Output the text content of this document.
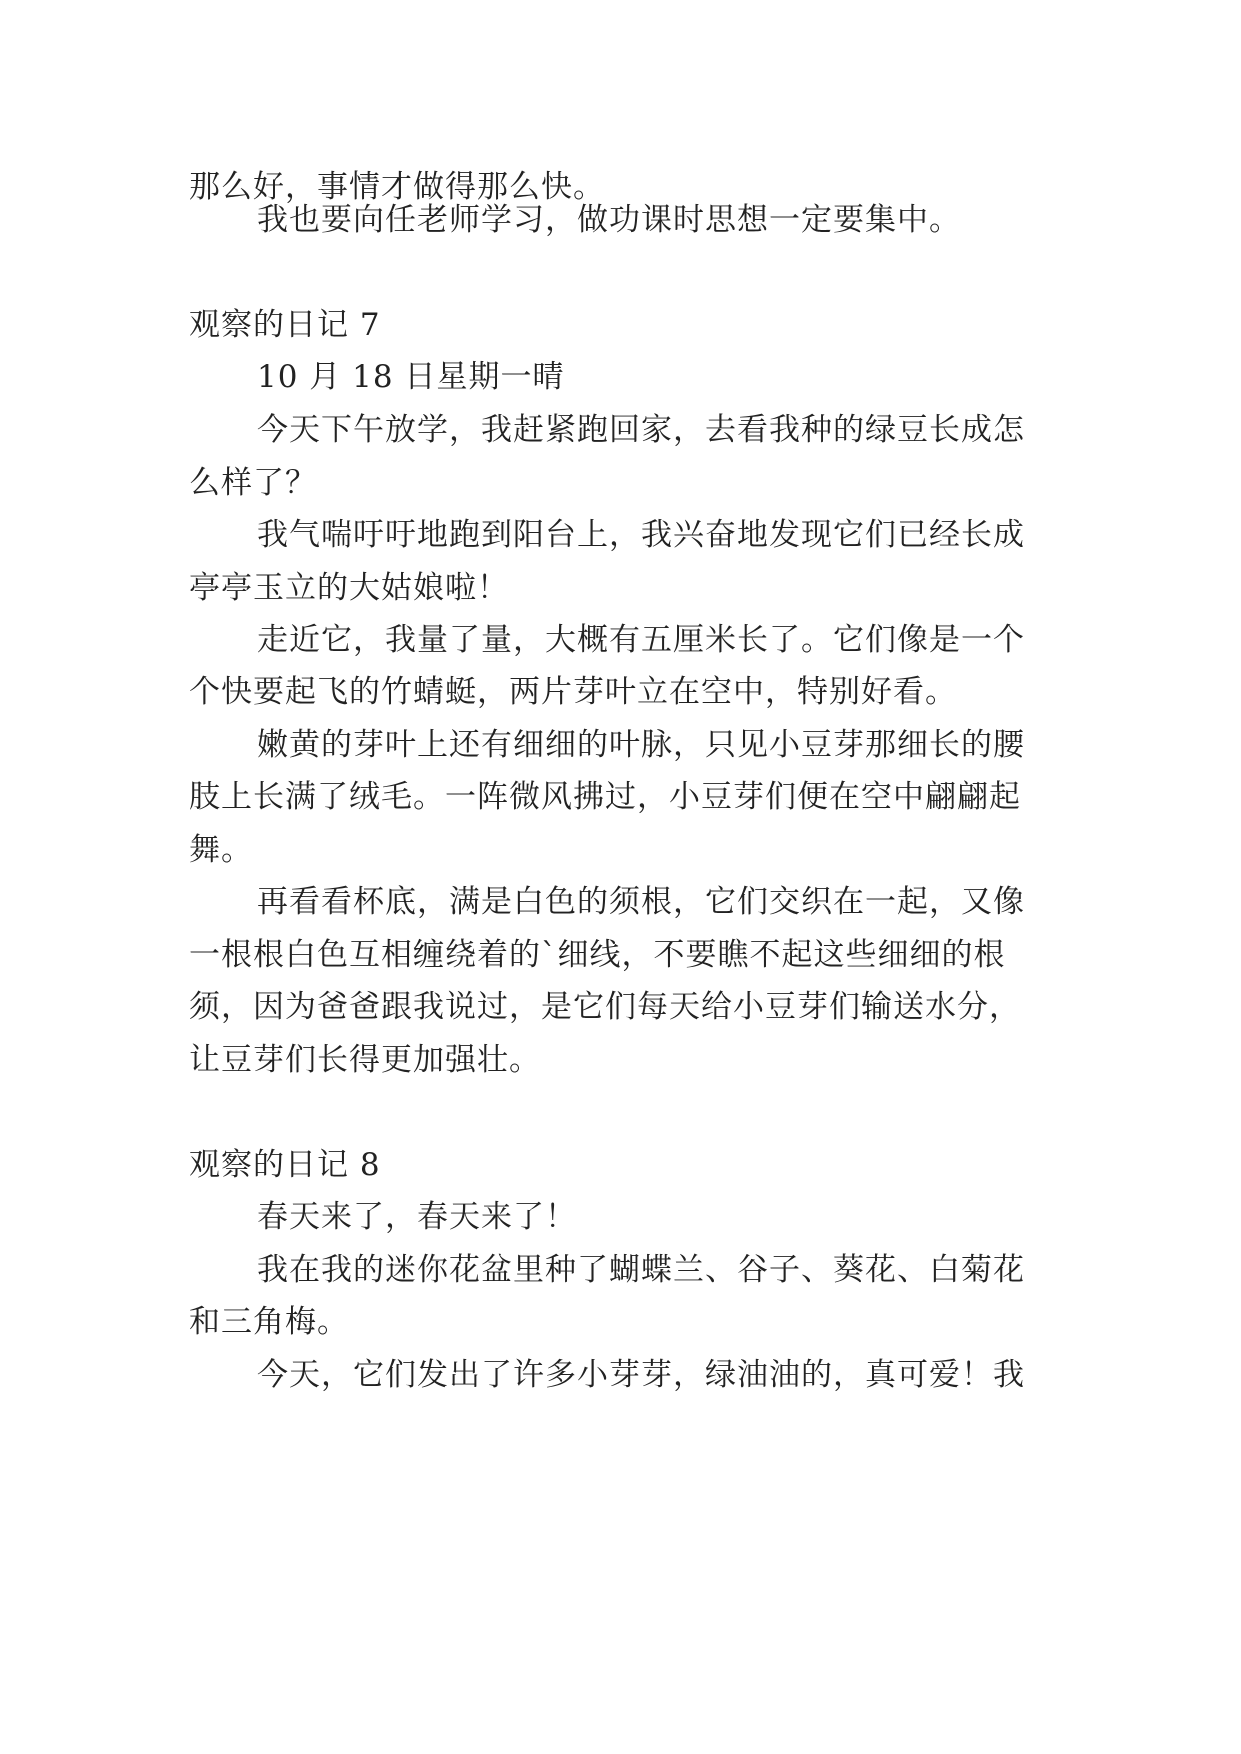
那么好，事情才做得那么快。
我也要向任老师学习，做功课时思想一定要集中。
观察的日记 7
10 月 18 日星期一晴
今天下午放学，我赶紧跑回家，去看我种的绿豆长成怎
么样了？
我气喘吁吁地跑到阳台上，我兴奋地发现它们已经长成
亭亭玉立的大姑娘啦！
走近它，我量了量，大概有五厘米长了。它们像是一个
个快要起飞的竹蜻蜓，两片芽叶立在空中，特别好看。
嫩黄的芽叶上还有细细的叶脉，只见小豆芽那细长的腰
肢上长满了绒毛。一阵微风拂过，小豆芽们便在空中翩翩起
舞。
再看看杯底，满是白色的须根，它们交织在一起，又像
一根根白色互相缠绕着的`细线，不要瞧不起这些细细的根
须，因为爸爸跟我说过，是它们每天给小豆芽们输送水分，
让豆芽们长得更加强壮。
观察的日记 8
春天来了，春天来了！
我在我的迷你花盆里种了蝴蝶兰、谷子、葵花、白菊花
和三角梅。
今天，它们发出了许多小芽芽，绿油油的，真可爱！我
